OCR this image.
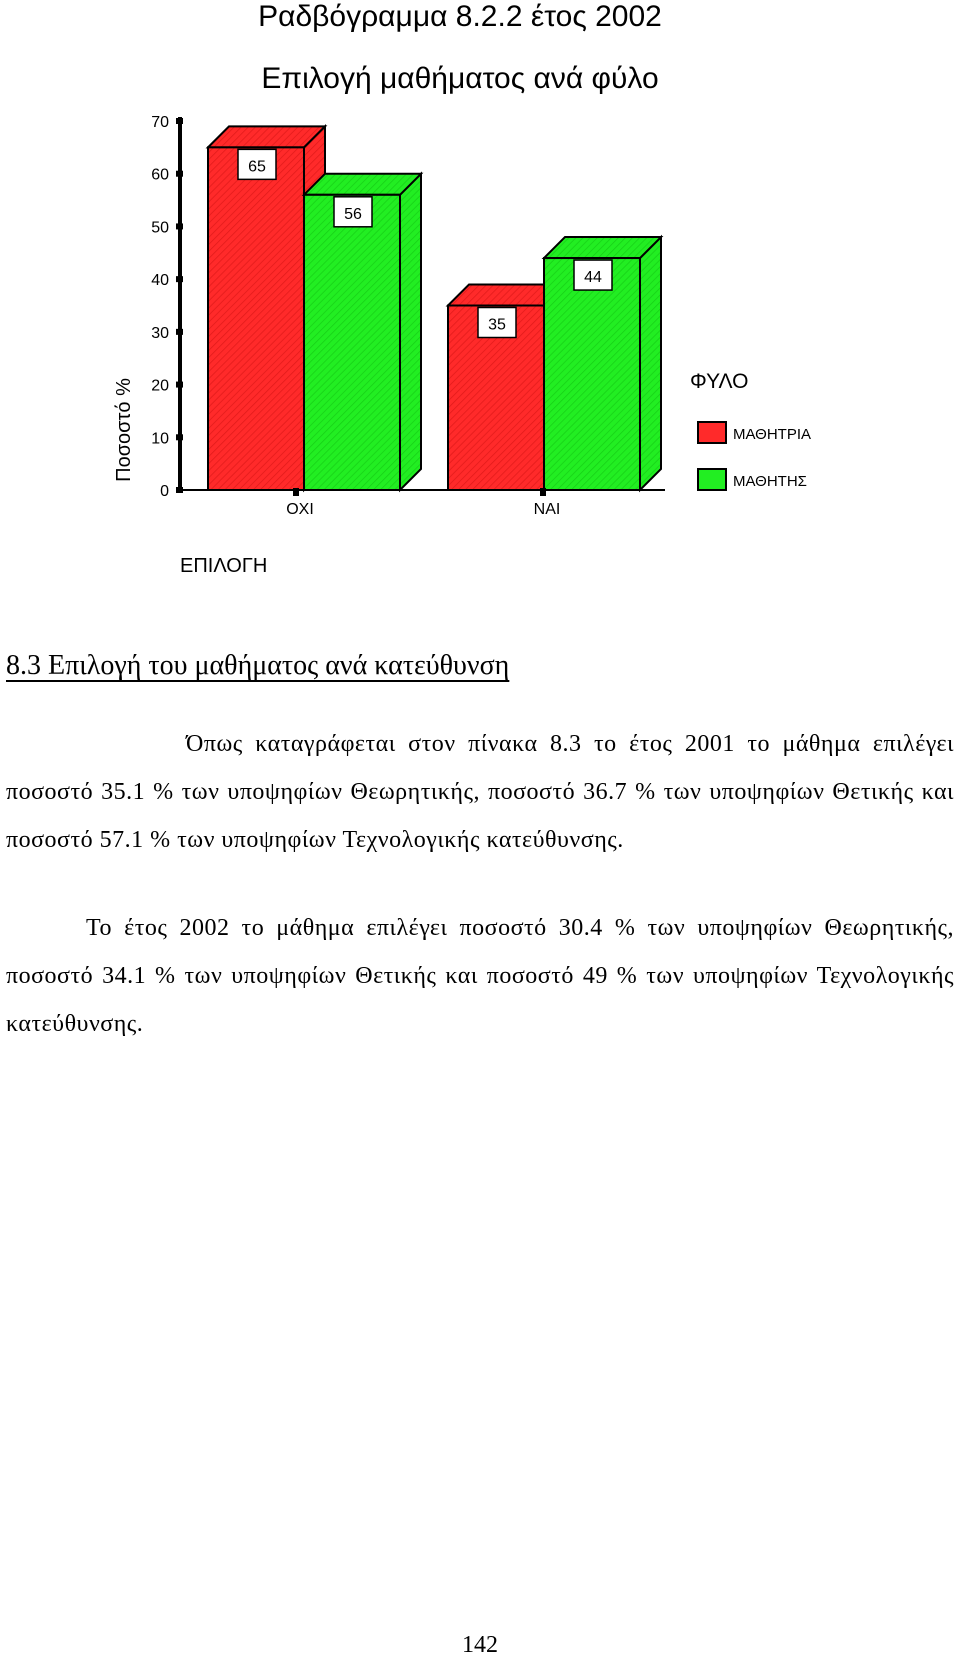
Ραδβόγραμμα 8.2.2 έτος 2002
Επιλογή μαθήματος ανά φύλο
0
10
20
30
40
50
60
70
Ποσοστό %
65
56
ΟΧΙ
35
44
ΝΑΙ
ΕΠΙΛΟΓΗ
ΦΥΛΟ
ΜΑΘΗΤΡΙΑ
ΜΑΘΗΤΗΣ
8.3 Επιλογή του μαθήματος ανά κατεύθυνση
Όπως καταγράφεται στον πίνακα 8.3 το έτος 2001 το μάθημα επιλέγει ποσοστό 35.1 % των υποψηφίων Θεωρητικής, ποσοστό 36.7 % των υποψηφίων Θετικής και ποσοστό 57.1 % των υποψηφίων Τεχνολογικής κατεύθυνσης.
Το έτος 2002 το μάθημα επιλέγει ποσοστό 30.4 % των υποψηφίων Θεωρητικής, ποσοστό 34.1 % των υποψηφίων Θετικής και ποσοστό 49 % των υποψηφίων Τεχνολογικής κατεύθυνσης.
142
